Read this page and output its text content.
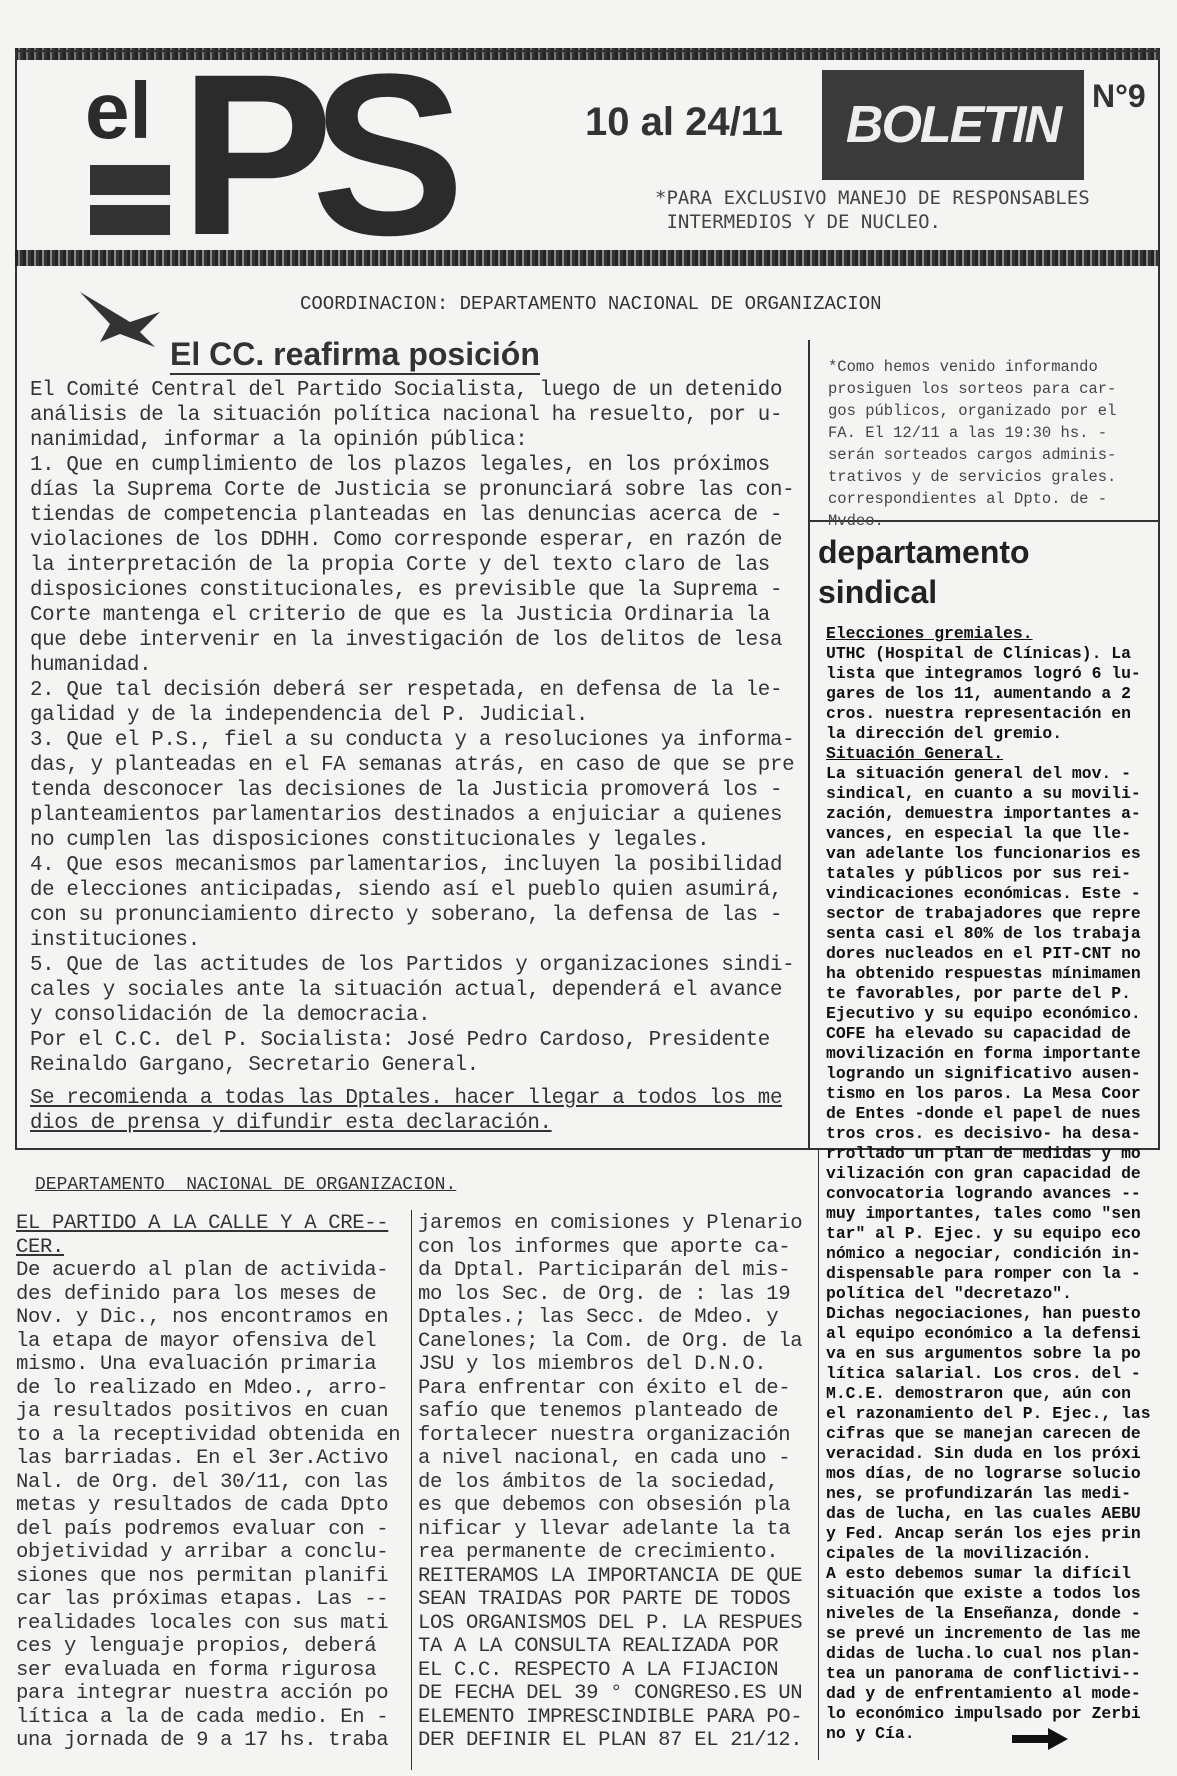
el PS	10 al 24/11	BOLETIN N°9
*PARA EXCLUSIVO MANEJO DE RESPONSABLES
INTERMEDIOS Y DE NUCLEO.
COORDINACION: DEPARTAMENTO NACIONAL DE ORGANIZACION
El CC. reafirma posición
El Comité Central del Partido Socialista, luego de un detenido
análisis de la situación política nacional ha resuelto, por u-
nanimidad, informar a la opinión pública:
1. Que en cumplimiento de los plazos legales, en los próximos
días la Suprema Corte de Justicia se pronunciará sobre las con-
tiendas de competencia planteadas en las denuncias acerca de -
violaciones de los DDHH. Como corresponde esperar, en razón de
la interpretación de la propia Corte y del texto claro de las
disposiciones constitucionales, es previsible que la Suprema -
Corte mantenga el criterio de que es la Justicia Ordinaria la
que debe intervenir en la investigación de los delitos de lesa
humanidad.
2. Que tal decisión deberá ser respetada, en defensa de la le-
galidad y de la independencia del P. Judicial.
3. Que el P.S., fiel a su conducta y a resoluciones ya informa-
das, y planteadas en el FA semanas atrás, en caso de que se pre
tenda desconocer las decisiones de la Justicia promoverá los -
planteamientos parlamentarios destinados a enjuiciar a quienes
no cumplen las disposiciones constitucionales y legales.
4. Que esos mecanismos parlamentarios, incluyen la posibilidad
de elecciones anticipadas, siendo así el pueblo quien asumirá,
con su pronunciamiento directo y soberano, la defensa de las -
instituciones.
5. Que de las actitudes de los Partidos y organizaciones sindi-
cales y sociales ante la situación actual, dependerá el avance
y consolidación de la democracia.
Por el C.C. del P. Socialista: José Pedro Cardoso, Presidente
Reinaldo Gargano, Secretario General.
Se recomienda a todas las Dptales. hacer llegar a todos los me
dios de prensa y difundir esta declaración.
*Como hemos venido informando
prosiguen los sorteos para car-
gos públicos, organizado por el
FA. El 12/11 a las 19:30 hs. -
serán sorteados cargos adminis-
trativos y de servicios grales.
correspondientes al Dpto. de -
Mvdeo.
departamento
sindical
Elecciones gremiales.
UTHC (Hospital de Clínicas). La
lista que integramos logró 6 lu-
gares de los 11, aumentando a 2
cros. nuestra representación en
la dirección del gremio.
Situación General.
La situación general del mov. -
sindical, en cuanto a su movili-
zación, demuestra importantes a-
vances, en especial la que lle-
van adelante los funcionarios es
tatales y públicos por sus rei-
vindicaciones económicas. Este -
sector de trabajadores que repre
senta casi el 80% de los trabaja
dores nucleados en el PIT-CNT no
ha obtenido respuestas mínimamen
te favorables, por parte del P.
Ejecutivo y su equipo económico.
COFE ha elevado su capacidad de
movilización en forma importante
logrando un significativo ausen-
tismo en los paros. La Mesa Coor
de Entes -donde el papel de nues
tros cros. es decisivo- ha desa-
rrollado un plan de medidas y mo
vilización con gran capacidad de
convocatoria logrando avances --
muy importantes, tales como "sen
tar" al P. Ejec. y su equipo eco
nómico a negociar, condición in-
dispensable para romper con la -
política del "decretazo".
Dichas negociaciones, han puesto
al equipo económico a la defensi
va en sus argumentos sobre la po
lítica salarial. Los cros. del -
M.C.E. demostraron que, aún con
el razonamiento del P. Ejec., las
cifras que se manejan carecen de
veracidad. Sin duda en los próxi
mos días, de no lograrse solucio
nes, se profundizarán las medi-
das de lucha, en las cuales AEBU
y Fed. Ancap serán los ejes prin
cipales de la movilización.
A esto debemos sumar la difícil
situación que existe a todos los
niveles de la Enseñanza, donde -
se prevé un incremento de las me
didas de lucha.lo cual nos plan-
tea un panorama de conflictivi--
dad y de enfrentamiento al mode-
lo económico impulsado por Zerbi
no y Cía.
DEPARTAMENTO  NACIONAL DE ORGANIZACION.
EL PARTIDO A LA CALLE Y A CRE--
CER.
De acuerdo al plan de activida-
des definido para los meses de
Nov. y Dic., nos encontramos en
la etapa de mayor ofensiva del
mismo. Una evaluación primaria
de lo realizado en Mdeo., arro-
ja resultados positivos en cuan
to a la receptividad obtenida en
las barriadas. En el 3er.Activo
Nal. de Org. del 30/11, con las
metas y resultados de cada Dpto
del país podremos evaluar con -
objetividad y arribar a conclu-
siones que nos permitan planifi
car las próximas etapas. Las --
realidades locales con sus mati
ces y lenguaje propios, deberá
ser evaluada en forma rigurosa
para integrar nuestra acción po
lítica a la de cada medio. En -
una jornada de 9 a 17 hs. traba
jaremos en comisiones y Plenario
con los informes que aporte ca-
da Dptal. Participarán del mis-
mo los Sec. de Org. de : las 19
Dptales.; las Secc. de Mdeo. y
Canelones; la Com. de Org. de la
JSU y los miembros del D.N.O.
Para enfrentar con éxito el de-
safío que tenemos planteado de
fortalecer nuestra organización
a nivel nacional, en cada uno -
de los ámbitos de la sociedad,
es que debemos con obsesión pla
nificar y llevar adelante la ta
rea permanente de crecimiento.
REITERAMOS LA IMPORTANCIA DE QUE
SEAN TRAIDAS POR PARTE DE TODOS
LOS ORGANISMOS DEL P. LA RESPUES
TA A LA CONSULTA REALIZADA POR
EL C.C. RESPECTO A LA FIJACION
DE FECHA DEL 39 ° CONGRESO.ES UN
ELEMENTO IMPRESCINDIBLE PARA PO-
DER DEFINIR EL PLAN 87 EL 21/12.
